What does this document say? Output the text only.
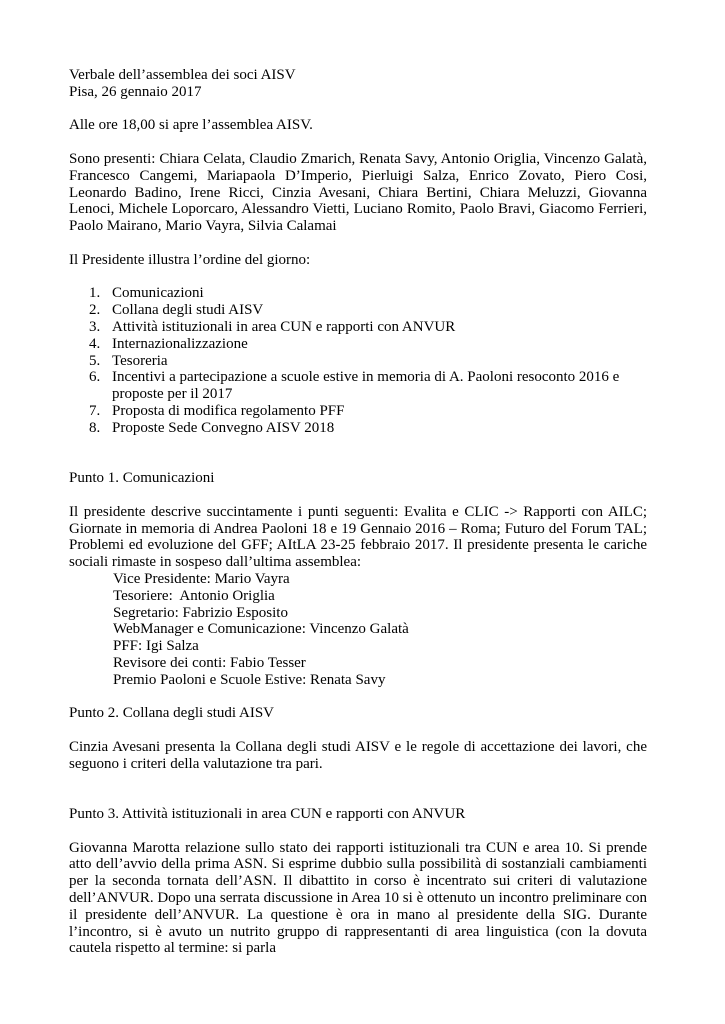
Verbale dell’assemblea dei soci AISV

Pisa, 26 gennaio 2017

Alle ore 18,00 si apre l’assemblea AISV.

Sono presenti: Chiara Celata, Claudio Zmarich, Renata Savy, Antonio Origlia, Vincenzo Galatà, Francesco Cangemi, Mariapaola D’Imperio, Pierluigi Salza, Enrico Zovato, Piero Cosi, Leonardo Badino, Irene Ricci, Cinzia Avesani, Chiara Bertini, Chiara Meluzzi, Giovanna Lenoci, Michele Loporcaro, Alessandro Vietti, Luciano Romito, Paolo Bravi, Giacomo Ferrieri, Paolo Mairano, Mario Vayra, Silvia Calamai

Il Presidente illustra l’ordine del giorno:

1. Comunicazioni
2. Collana degli studi AISV
3. Attività istituzionali in area CUN e rapporti con ANVUR
4. Internazionalizzazione
5. Tesoreria
6. Incentivi a partecipazione a scuole estive in memoria di A. Paoloni resoconto 2016 e proposte per il 2017
7. Proposta di modifica regolamento PFF
8. Proposte Sede Convegno AISV 2018

Punto 1. Comunicazioni

Il presidente descrive succintamente i punti seguenti: Evalita e CLIC -> Rapporti con AILC; Giornate in memoria di Andrea Paoloni 18 e 19 Gennaio 2016 – Roma; Futuro del Forum TAL; Problemi ed evoluzione del GFF; AItLA 23-25 febbraio 2017. Il presidente presenta le cariche sociali rimaste in sospeso dall’ultima assemblea:

Vice Presidente: Mario Vayra

Tesoriere:  Antonio Origlia

Segretario: Fabrizio Esposito

WebManager e Comunicazione: Vincenzo Galatà

PFF: Igi Salza

Revisore dei conti: Fabio Tesser

Premio Paoloni e Scuole Estive: Renata Savy

Punto 2. Collana degli studi AISV

Cinzia Avesani presenta la Collana degli studi AISV e le regole di accettazione dei lavori, che seguono i criteri della valutazione tra pari.

Punto 3. Attività istituzionali in area CUN e rapporti con ANVUR

Giovanna Marotta relazione sullo stato dei rapporti istituzionali tra CUN e area 10. Si prende atto dell’avvio della prima ASN. Si esprime dubbio sulla possibilità di sostanziali cambiamenti per la seconda tornata dell’ASN. Il dibattito in corso è incentrato sui criteri di valutazione dell’ANVUR. Dopo una serrata discussione in Area 10 si è ottenuto un incontro preliminare con il presidente dell’ANVUR. La questione è ora in mano al presidente della SIG. Durante l’incontro, si è avuto un nutrito gruppo di rappresentanti di area linguistica (con la dovuta cautela rispetto al termine: si parla
